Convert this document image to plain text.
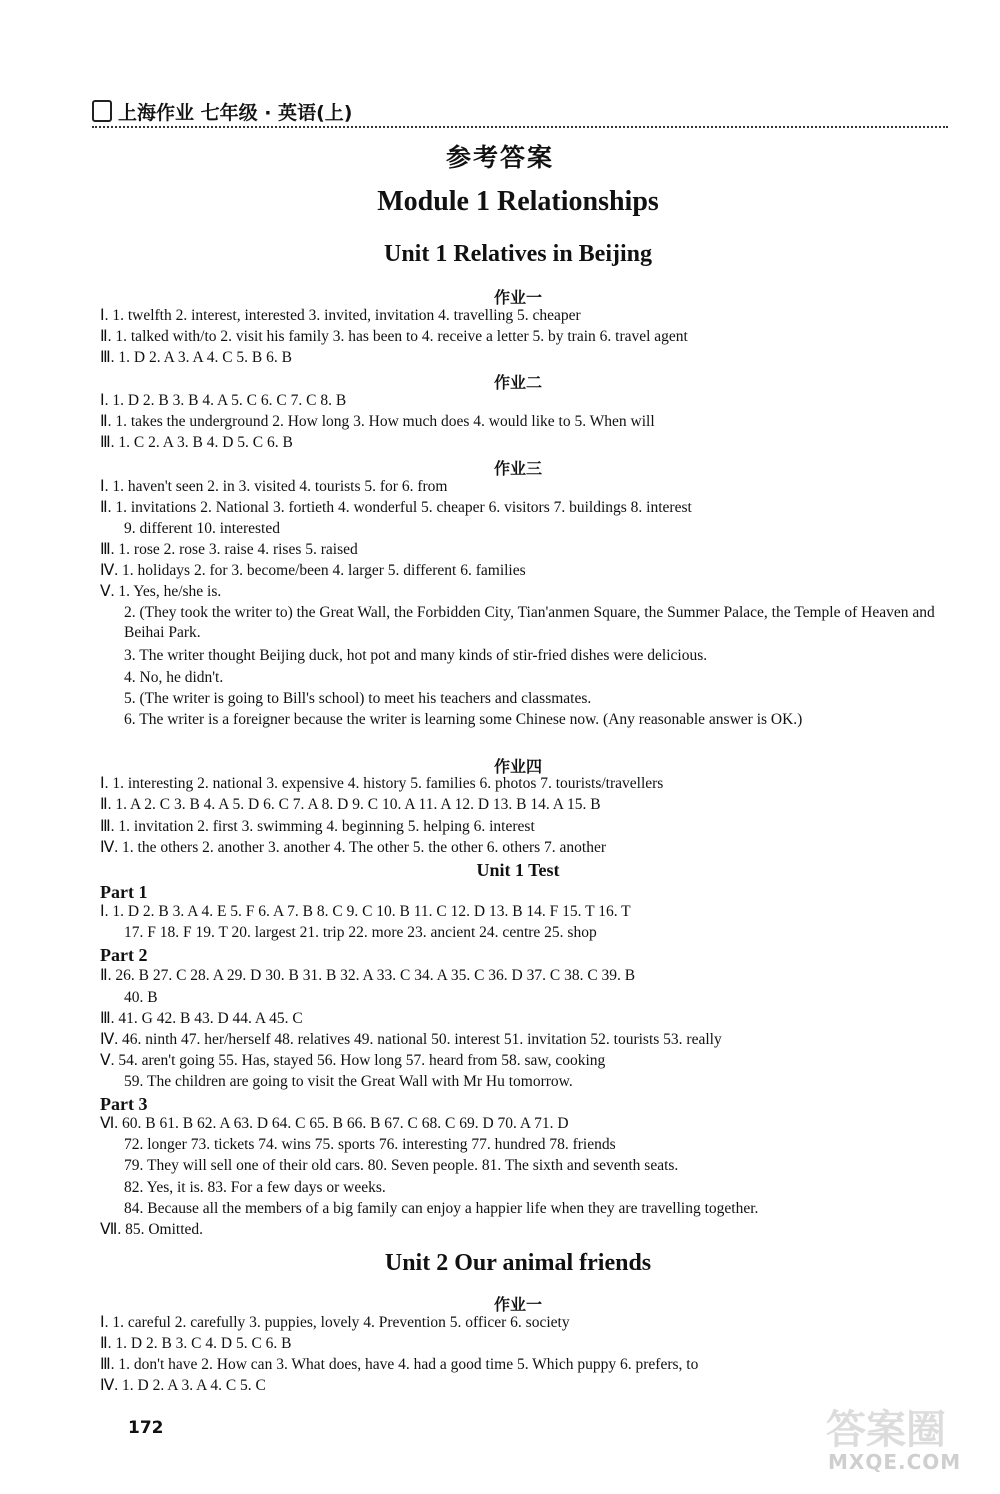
上海作业 七年级 · 英语(上)
参考答案
Module 1 Relationships
Unit 1 Relatives in Beijing
作业一
Ⅰ. 1. twelfth 2. interest, interested 3. invited, invitation 4. travelling 5. cheaper
Ⅱ. 1. talked with/to 2. visit his family 3. has been to 4. receive a letter 5. by train 6. travel agent
Ⅲ. 1. D 2. A 3. A 4. C 5. B 6. B
作业二
Ⅰ. 1. D 2. B 3. B 4. A 5. C 6. C 7. C 8. B
Ⅱ. 1. takes the underground 2. How long 3. How much does 4. would like to 5. When will
Ⅲ. 1. C 2. A 3. B 4. D 5. C 6. B
作业三
Ⅰ. 1. haven't seen 2. in 3. visited 4. tourists 5. for 6. from
Ⅱ. 1. invitations 2. National 3. fortieth 4. wonderful 5. cheaper 6. visitors 7. buildings 8. interest
9. different 10. interested
Ⅲ. 1. rose 2. rose 3. raise 4. rises 5. raised
Ⅳ. 1. holidays 2. for 3. become/been 4. larger 5. different 6. families
Ⅴ. 1. Yes, he/she is.
2. (They took the writer to) the Great Wall, the Forbidden City, Tian'anmen Square, the Summer Palace, the Temple of Heaven and Beihai Park.
3. The writer thought Beijing duck, hot pot and many kinds of stir-fried dishes were delicious.
4. No, he didn't.
5. (The writer is going to Bill's school) to meet his teachers and classmates.
6. The writer is a foreigner because the writer is learning some Chinese now. (Any reasonable answer is OK.)
作业四
Ⅰ. 1. interesting 2. national 3. expensive 4. history 5. families 6. photos 7. tourists/travellers
Ⅱ. 1. A 2. C 3. B 4. A 5. D 6. C 7. A 8. D 9. C 10. A 11. A 12. D 13. B 14. A 15. B
Ⅲ. 1. invitation 2. first 3. swimming 4. beginning 5. helping 6. interest
Ⅳ. 1. the others 2. another 3. another 4. The other 5. the other 6. others 7. another
Unit 1 Test
Part 1
Ⅰ. 1. D 2. B 3. A 4. E 5. F 6. A 7. B 8. C 9. C 10. B 11. C 12. D 13. B 14. F 15. T 16. T
17. F 18. F 19. T 20. largest 21. trip 22. more 23. ancient 24. centre 25. shop
Part 2
Ⅱ. 26. B 27. C 28. A 29. D 30. B 31. B 32. A 33. C 34. A 35. C 36. D 37. C 38. C 39. B
40. B
Ⅲ. 41. G 42. B 43. D 44. A 45. C
Ⅳ. 46. ninth 47. her/herself 48. relatives 49. national 50. interest 51. invitation 52. tourists 53. really
Ⅴ. 54. aren't going 55. Has, stayed 56. How long 57. heard from 58. saw, cooking
59. The children are going to visit the Great Wall with Mr Hu tomorrow.
Part 3
Ⅵ. 60. B 61. B 62. A 63. D 64. C 65. B 66. B 67. C 68. C 69. D 70. A 71. D
72. longer 73. tickets 74. wins 75. sports 76. interesting 77. hundred 78. friends
79. They will sell one of their old cars. 80. Seven people. 81. The sixth and seventh seats.
82. Yes, it is. 83. For a few days or weeks.
84. Because all the members of a big family can enjoy a happier life when they are travelling together.
Ⅶ. 85. Omitted.
Unit 2 Our animal friends
作业一
Ⅰ. 1. careful 2. carefully 3. puppies, lovely 4. Prevention 5. officer 6. society
Ⅱ. 1. D 2. B 3. C 4. D 5. C 6. B
Ⅲ. 1. don't have 2. How can 3. What does, have 4. had a good time 5. Which puppy 6. prefers, to
Ⅳ. 1. D 2. A 3. A 4. C 5. C
172	答案圈
MXQE.COM
